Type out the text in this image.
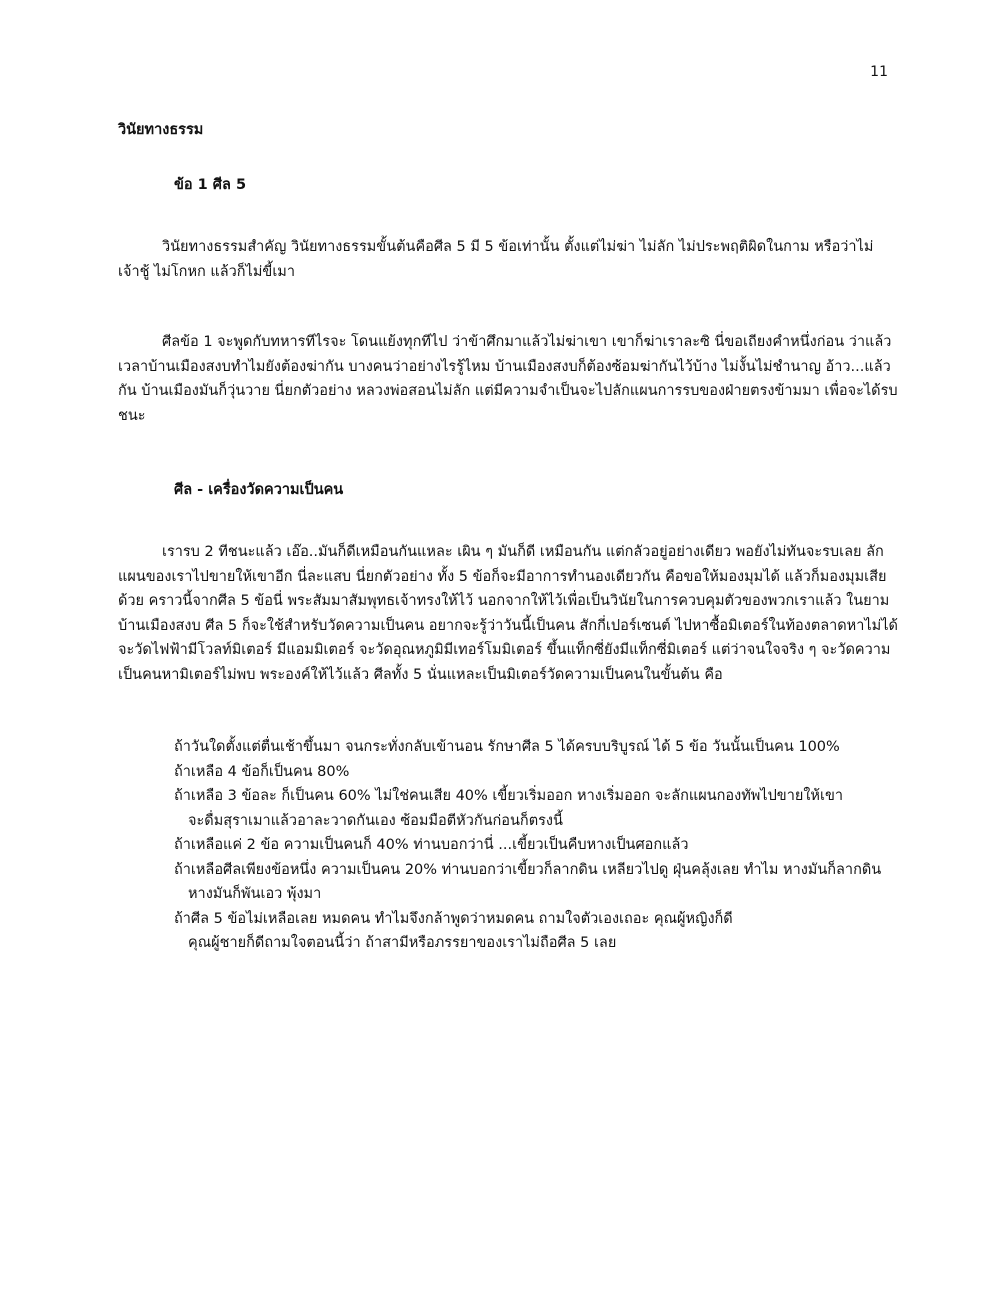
11

วินัยทางธรรม

ข้อ 1 ศีล 5

วินัยทางธรรมสำคัญ วินัยทางธรรมขั้นต้นคือศีล 5 มี 5 ข้อเท่านั้น ตั้งแต่ไม่ฆ่า ไม่ลัก ไม่ประพฤติผิดในกาม หรือว่าไม่เจ้าชู้ ไม่โกหก แล้วก็ไม่ขี้เมา

ศีลข้อ 1 จะพูดกับทหารทีไรจะ โดนแย้งทุกทีไป ว่าข้าศึกมาแล้วไม่ฆ่าเขา เขาก็ฆ่าเราละซิ นี่ขอเถียงคำหนึ่งก่อน ว่าแล้วเวลาบ้านเมืองสงบทำไมยังต้องฆ่ากัน บางคนว่าอย่างไรรู้ไหม บ้านเมืองสงบก็ต้องซ้อมฆ่ากันไว้บ้าง ไม่งั้นไม่ชำนาญ อ้าว...แล้วกัน บ้านเมืองมันก็วุ่นวาย นี่ยกตัวอย่าง หลวงพ่อสอนไม่ลัก แต่มีความจำเป็นจะไปลักแผนการรบของฝ่ายตรงข้ามมา เพื่อจะได้รบชนะ

ศีล - เครื่องวัดความเป็นคน

เรารบ 2 ทีชนะแล้ว เอ๊อ..มันก็ดีเหมือนกันแหละ เผิน ๆ มันก็ดี เหมือนกัน แต่กลัวอยู่อย่างเดียว พอยังไม่ทันจะรบเลย ลักแผนของเราไปขายให้เขาอีก นี่ละแสบ นี่ยกตัวอย่าง ทั้ง 5 ข้อก็จะมีอาการทำนองเดียวกัน คือขอให้มองมุมได้ แล้วก็มองมุมเสียด้วย คราวนี้จากศีล 5 ข้อนี่ พระสัมมาสัมพุทธเจ้าทรงให้ไว้ นอกจากให้ไว้เพื่อเป็นวินัยในการควบคุมตัวของพวกเราแล้ว ในยามบ้านเมืองสงบ ศีล 5 ก็จะใช้สำหรับวัดความเป็นคน อยากจะรู้ว่าวันนี้เป็นคน สักกี่เปอร์เซนต์ ไปหาซื้อมิเตอร์ในท้องตลาดหาไม่ได้ จะวัดไฟฟ้ามีโวลท์มิเตอร์ มีแอมมิเตอร์ จะวัดอุณหภูมิมีเทอร์โมมิเตอร์ ขึ้นแท็กซี่ยังมีแท็กซี่มิเตอร์ แต่ว่าจนใจจริง ๆ จะวัดความเป็นคนหามิเตอร์ไม่พบ พระองค์ให้ไว้แล้ว ศีลทั้ง 5 นั่นแหละเป็นมิเตอร์วัดความเป็นคนในขั้นต้น คือ

ถ้าวันใดตั้งแต่ตื่นเช้าขึ้นมา จนกระทั่งกลับเข้านอน รักษาศีล 5 ได้ครบบริบูรณ์ ได้ 5 ข้อ วันนั้นเป็นคน 100%
ถ้าเหลือ 4 ข้อก็เป็นคน 80%
ถ้าเหลือ 3 ข้อละ ก็เป็นคน 60% ไม่ใช่คนเสีย 40% เขี้ยวเริ่มออก หางเริ่มออก จะลักแผนกองทัพไปขายให้เขา
จะดื่มสุราเมาแล้วอาละวาดกันเอง ซ้อมมือตีหัวกันก่อนก็ตรงนี้
ถ้าเหลือแค่ 2 ข้อ ความเป็นคนก็ 40% ท่านบอกว่านี่ ...เขี้ยวเป็นคืบหางเป็นศอกแล้ว
ถ้าเหลือศีลเพียงข้อหนึ่ง ความเป็นคน 20% ท่านบอกว่าเขี้ยวก็ลากดิน เหลียวไปดู ฝุ่นคลุ้งเลย ทำไม หางมันก็ลากดิน
หางมันก็พันเอว พุ้งมา
ถ้าศีล 5 ข้อไม่เหลือเลย หมดคน ทำไมจึงกล้าพูดว่าหมดคน ถามใจตัวเองเถอะ คุณผู้หญิงก็ดี
คุณผู้ชายก็ดีถามใจตอนนี้ว่า ถ้าสามีหรือภรรยาของเราไม่ถือศีล 5 เลย
